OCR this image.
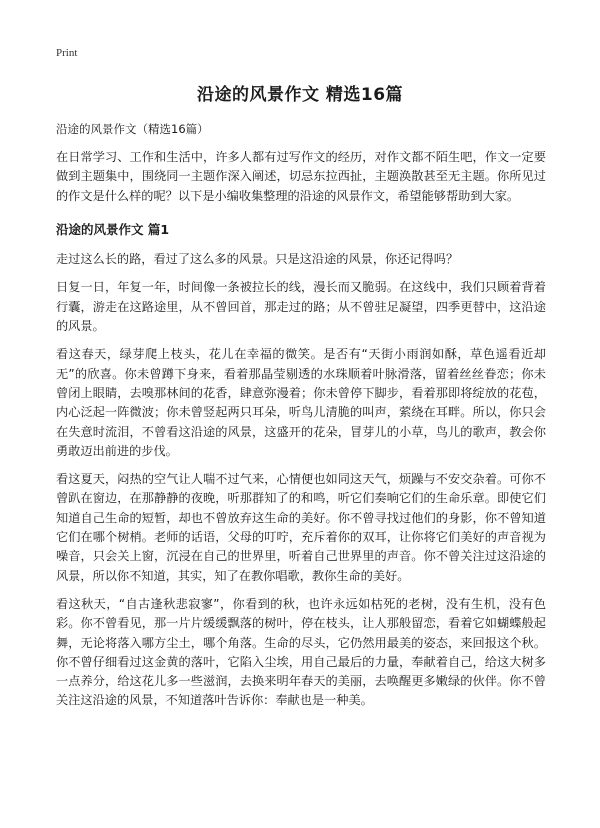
Print
沿途的风景作文 精选16篇
沿途的风景作文（精选16篇）

在日常学习、工作和生活中，许多人都有过写作文的经历，对作文都不陌生吧，作文一定要做到主题集中，围绕同一主题作深入阐述，切忌东拉西扯，主题涣散甚至无主题。你所见过的作文是什么样的呢？以下是小编收集整理的沿途的风景作文，希望能够帮助到大家。

沿途的风景作文 篇1

走过这么长的路，看过了这么多的风景。只是这沿途的风景，你还记得吗？

日复一日，年复一年，时间像一条被拉长的线，漫长而又脆弱。在这线中，我们只顾着背着行囊，游走在这路途里，从不曾回首，那走过的路；从不曾驻足凝望，四季更替中，这沿途的风景。

看这春天，绿芽爬上枝头，花儿在幸福的微笑。是否有“天街小雨润如酥，草色遥看近却无”的欣喜。你未曾蹲下身来，看着那晶莹剔透的水珠顺着叶脉滑落，留着丝丝眷恋；你未曾闭上眼睛，去嗅那林间的花香，肆意弥漫着；你未曾停下脚步，看着那即将绽放的花苞，内心泛起一阵微波；你未曾竖起两只耳朵，听鸟儿清脆的叫声，萦绕在耳畔。所以，你只会在失意时流泪，不曾看这沿途的风景，这盛开的花朵，冒芽儿的小草，鸟儿的歌声，教会你勇敢迈出前进的步伐。

看这夏天，闷热的空气让人喘不过气来，心情便也如同这天气，烦躁与不安交杂着。可你不曾趴在窗边，在那静静的夜晚，听那群知了的和鸣，听它们奏响它们的生命乐章。即使它们知道自己生命的短暂，却也不曾放弃这生命的美好。你不曾寻找过他们的身影，你不曾知道它们在哪个树梢。老师的话语，父母的叮咛，充斥着你的双耳，让你将它们美好的声音视为噪音，只会关上窗，沉浸在自己的世界里，听着自己世界里的声音。你不曾关注过这沿途的风景，所以你不知道，其实，知了在教你唱歌，教你生命的美好。

看这秋天，“自古逢秋悲寂寥”，你看到的秋，也许永远如枯死的老树，没有生机，没有色彩。你不曾看见，那一片片缓缓飘落的树叶，停在枝头，让人那般留恋，看着它如蝴蝶般起舞，无论将落入哪方尘土，哪个角落。生命的尽头，它仍然用最美的姿态，来回报这个秋。你不曾仔细看过这金黄的落叶，它陷入尘埃，用自己最后的力量，奉献着自己，给这大树多一点养分，给这花儿多一些滋润，去换来明年春天的美丽，去唤醒更多嫩绿的伙伴。你不曾关注这沿途的风景，不知道落叶告诉你：奉献也是一种美。
